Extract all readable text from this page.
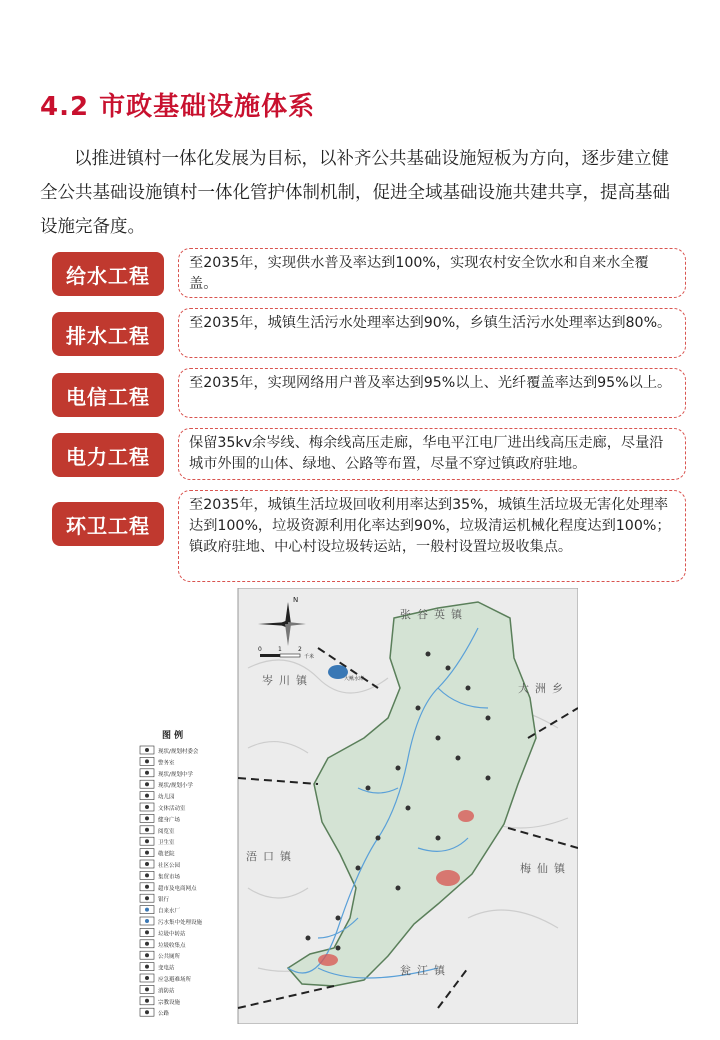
4.2 市政基础设施体系
以推进镇村一体化发展为目标，以补齐公共基础设施短板为方向，逐步建立健全公共基础设施镇村一体化管护体制机制，促进全域基础设施共建共享，提高基础设施完备度。
给水工程
至2035年，实现供水普及率达到100%，实现农村安全饮水和自来水全覆盖。
排水工程
至2035年，城镇生活污水处理率达到90%，乡镇生活污水处理率达到80%。
电信工程
至2035年，实现网络用户普及率达到95%以上、光纤覆盖率达到95%以上。
电力工程
保留35kv余岑线、梅余线高压走廊，华电平江电厂进出线高压走廊，尽量沿城市外围的山体、绿地、公路等布置，尽量不穿过镇政府驻地。
环卫工程
至2035年，城镇生活垃圾回收利用率达到35%，城镇生活垃圾无害化处理率达到100%，垃圾资源利用化率达到90%，垃圾清运机械化程度达到100%；镇政府驻地、中心村设垃圾转运站，一般村设置垃圾收集点。
大鳅水库
N
0	1	2
千米
张谷英镇
岑川镇
大洲乡
浯口镇
梅仙镇
瓮江镇
图 例
现状/规划村委会
警务室
现状/规划中学
现状/规划小学
幼儿园
文体活动室
健身广场
阅览室
卫生室
敬老院
社区公园
集贸市场
超市及电商网点
银行
自来水厂
污水集中处理设施
垃圾中转站
垃圾收集点
公共厕所
变电站
应急避难场所
消防站
宗教设施
公路
